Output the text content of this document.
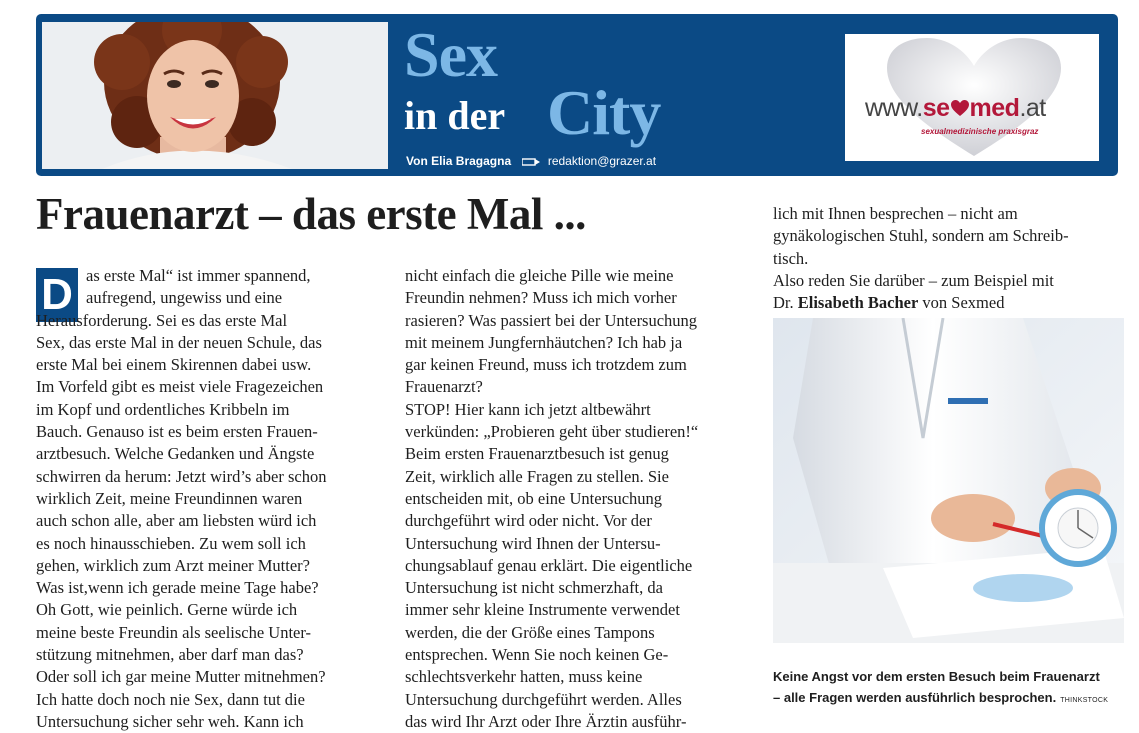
Sex
in der City
Von Elia Bragagna	redaktion@grazer.at
www.se med.at
sexualmedizinische praxisgraz
Frauenarzt – das erste Mal ...
D as erste Mal“ ist immer spannend,
aufregend, ungewiss und eine
Herausforderung. Sei es das erste Mal
Sex, das erste Mal in der neuen Schule, das
erste Mal bei einem Skirennen dabei usw.
Im Vorfeld gibt es meist viele Fragezeichen
im Kopf und ordentliches Kribbeln im
Bauch. Genauso ist es beim ersten Frauen-
arztbesuch. Welche Gedanken und Ängste
schwirren da herum: Jetzt wird’s aber schon
wirklich Zeit, meine Freundinnen waren
auch schon alle, aber am liebsten würd ich
es noch hinausschieben. Zu wem soll ich
gehen, wirklich zum Arzt meiner Mutter?
Was ist,wenn ich gerade meine Tage habe?
Oh Gott, wie peinlich. Gerne würde ich
meine beste Freundin als seelische Unter-
stützung mitnehmen, aber darf man das?
Oder soll ich gar meine Mutter mitnehmen?
Ich hatte doch noch nie Sex, dann tut die
Untersuchung sicher sehr weh. Kann ich
nicht einfach die gleiche Pille wie meine
Freundin nehmen? Muss ich mich vorher
rasieren? Was passiert bei der Untersuchung
mit meinem Jungfernhäutchen? Ich hab ja
gar keinen Freund, muss ich trotzdem zum
Frauenarzt?
STOP! Hier kann ich jetzt altbewährt
verkünden: „Probieren geht über studieren!“
Beim ersten Frauenarztbesuch ist genug
Zeit, wirklich alle Fragen zu stellen. Sie
entscheiden mit, ob eine Untersuchung
durchgeführt wird oder nicht. Vor der
Untersuchung wird Ihnen der Untersu-
chungsablauf genau erklärt. Die eigentliche
Untersuchung ist nicht schmerzhaft, da
immer sehr kleine Instrumente verwendet
werden, die der Größe eines Tampons
entsprechen. Wenn Sie noch keinen Ge-
schlechtsverkehr hatten, muss keine
Untersuchung durchgeführt werden. Alles
das wird Ihr Arzt oder Ihre Ärztin ausführ-
lich mit Ihnen besprechen – nicht am
gynäkologischen Stuhl, sondern am Schreib-
tisch.
Also reden Sie darüber – zum Beispiel mit
Dr. Elisabeth Bacher von Sexmed
Keine Angst vor dem ersten Besuch beim Frauenarzt
– alle Fragen werden ausführlich besprochen. THINKSTOCK
